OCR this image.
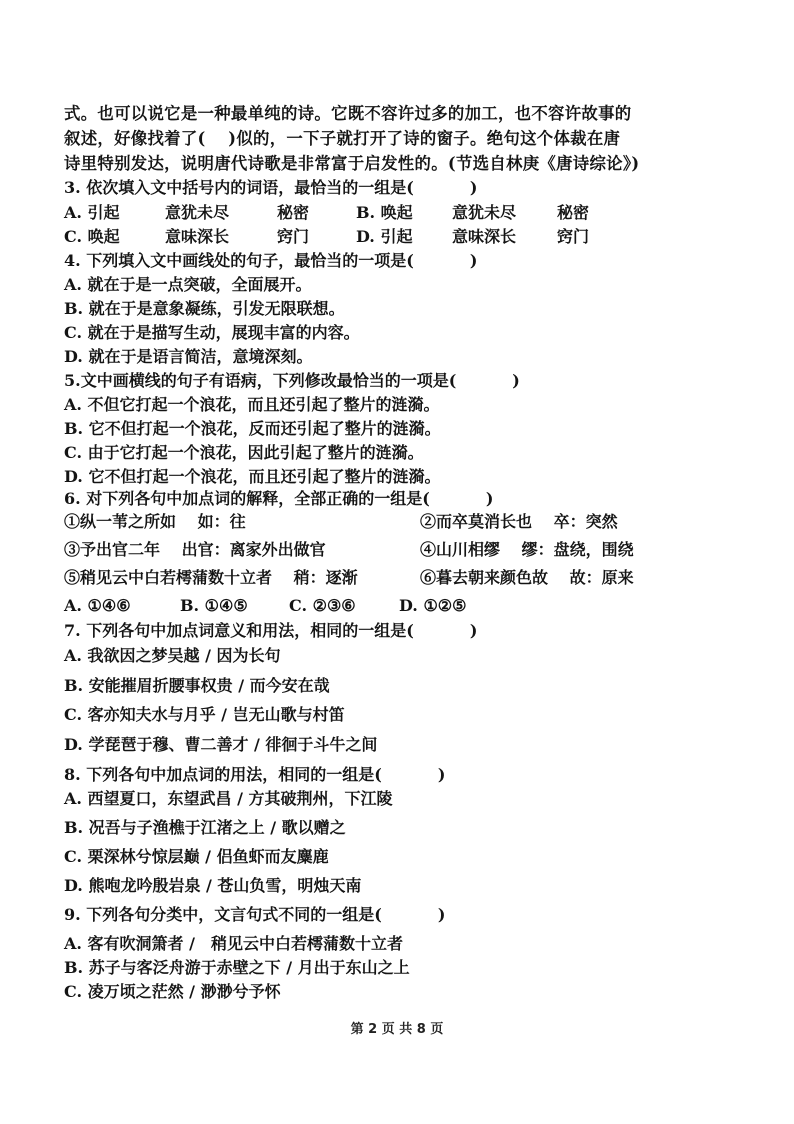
式。也可以说它是一种最单纯的诗。它既不容许过多的加工，也不容许故事的

叙述，好像找着了(　 )似的，一下子就打开了诗的窗子。绝句这个体裁在唐

诗里特别发达，说明唐代诗歌是非常富于启发性的。(节选自林庚《唐诗综论》)

3. 依次填入文中括号内的词语，最恰当的一组是(	)
A. 引起	意犹未尽	秘密	B. 唤起 意犹未尽	秘密
C. 唤起	意味深长	窍门	D. 引起 意味深长	窍门
4. 下列填入文中画线处的句子，最恰当的一项是(	)
A. 就在于是一点突破，全面展开。
B. 就在于是意象凝练，引发无限联想。
C. 就在于是描写生动，展现丰富的内容。
D. 就在于是语言简洁，意境深刻。
5.文中画横线的句子有语病，下列修改最恰当的一项是(	)
A. 不但它打起一个浪花，而且还引起了整片的涟漪。
B. 它不但打起一个浪花，反而还引起了整片的涟漪。
C. 由于它打起一个浪花，因此引起了整片的涟漪。
D. 它不但打起一个浪花，而且还引起了整片的涟漪。
6. 对下列各句中加点词的解释，全部正确的一组是(	)
①纵一苇之所如　 如：往	②而卒莫消长也　 卒：突然
③予出官二年　 出官：离家外出做官	④山川相缪　 缪：盘绕，围绕
⑤稍见云中白若樗蒲数十立者　 稍：逐渐	⑥暮去朝来颜色故　 故：原来
A. ①④⑥	B. ①④⑤	C. ②③⑥	D. ①②⑤
7. 下列各句中加点词意义和用法，相同的一组是(	)
A. 我欲因之梦吴越 / 因为长句
B. 安能摧眉折腰事权贵 / 而今安在哉
C. 客亦知夫水与月乎 / 岂无山歌与村笛
D. 学琵琶于穆、曹二善才 / 徘徊于斗牛之间
8. 下列各句中加点词的用法，相同的一组是(	)
A. 西望夏口，东望武昌 / 方其破荆州，下江陵
B. 况吾与子渔樵于江渚之上 / 歌以赠之
C. 栗深林兮惊层巅 / 侣鱼虾而友麋鹿
D. 熊咆龙吟殷岩泉 / 苍山负雪，明烛天南
9. 下列各句分类中，文言句式不同的一组是(	)
A. 客有吹洞箫者 /　稍见云中白若樗蒲数十立者
B. 苏子与客泛舟游于赤壁之下 / 月出于东山之上
C. 凌万顷之茫然 / 渺渺兮予怀
第 2 页 共 8 页
